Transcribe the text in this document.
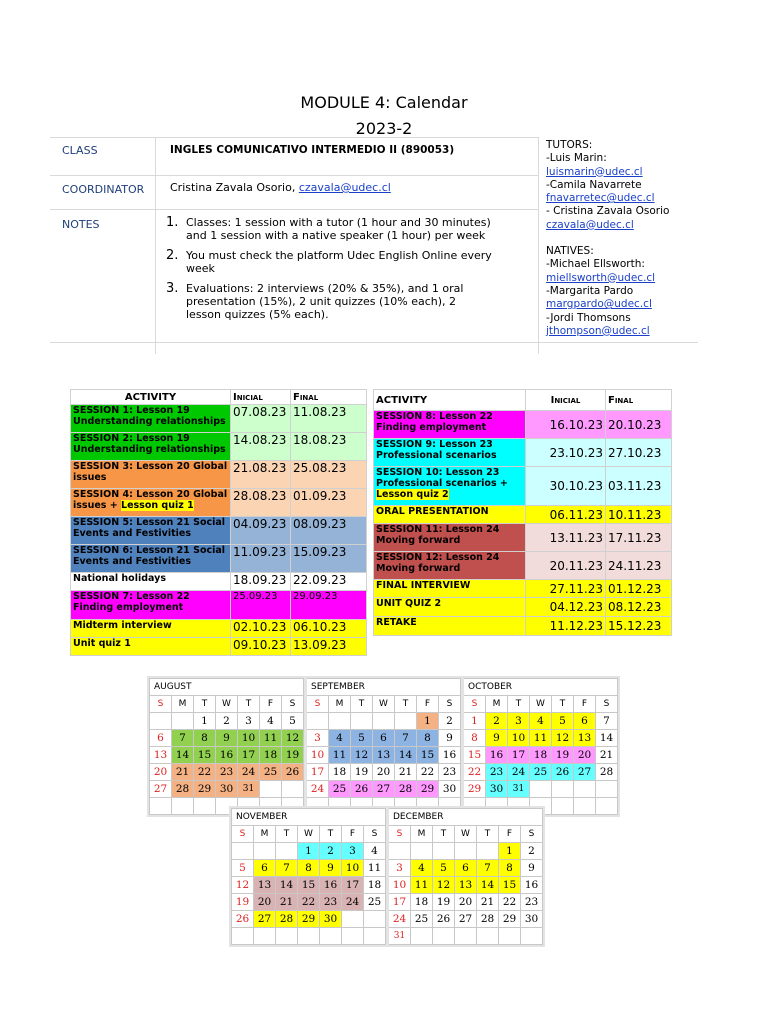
MODULE 4: Calendar
2023-2
CLASS	INGLES COMUNICATIVO INTERMEDIO II (890053)
COORDINATOR Cristina Zavala Osorio, czavala@udec.cl
NOTES	1. Classes: 1 session with a tutor (1 hour and 30 minutes) and 1 session with a native speaker (1 hour) per week
2. You must check the platform Udec English Online every week
3. Evaluations: 2 interviews (20% & 35%), and 1 oral presentation (15%), 2 unit quizzes (10% each), 2 lesson quizzes (5% each).
TUTORS:
-Luis Marin:
luismarin@udec.cl
-Camila Navarrete
fnavarretec@udec.cl
- Cristina Zavala Osorio
czavala@udec.cl
NATIVES:
-Michael Ellsworth:
miellsworth@udec.cl
-Margarita Pardo
margpardo@udec.cl
-Jordi Thomsons
jthompson@udec.cl
ACTIVITY	Inicial	Final
SESSION 1: Lesson 19 Understanding relationships	07.08.23	11.08.23
SESSION 2: Lesson 19 Understanding relationships	14.08.23	18.08.23
SESSION 3: Lesson 20 Global issues	21.08.23	25.08.23
SESSION 4: Lesson 20 Global issues + Lesson quiz 1	28.08.23	01.09.23
SESSION 5: Lesson 21 Social Events and Festivities	04.09.23	08.09.23
SESSION 6: Lesson 21 Social Events and Festivities	11.09.23	15.09.23
National holidays	18.09.23	22.09.23
SESSION 7: Lesson 22 Finding employment	25.09.23	29.09.23
Midterm interview	02.10.23	06.10.23
Unit quiz 1	09.10.23	13.09.23
ACTIVITY	Inicial	Final
SESSION 8: Lesson 22 Finding employment	16.10.23	20.10.23
SESSION 9: Lesson 23 Professional scenarios	23.10.23	27.10.23
SESSION 10: Lesson 23 Professional scenarios + Lesson quiz 2	30.10.23	03.11.23
ORAL PRESENTATION	06.11.23	10.11.23
SESSION 11: Lesson 24 Moving forward	13.11.23	17.11.23
SESSION 12: Lesson 24 Moving forward	20.11.23	24.11.23
FINAL INTERVIEW	27.11.23	01.12.23
UNIT QUIZ 2	04.12.23	08.12.23
RETAKE	11.12.23	15.12.23
AUGUST								SEPTEMBER								OCTOBER						
S	M	T	W	T	F	S		S	M	T	W	T	F	S		S	M	T	W	T	F	S
		1	2	3	4	5							1	2		1	2	3	4	5	6	7
6	7	8	9	10	11	12		3	4	5	6	7	8	9		8	9	10	11	12	13	14
13	14	15	16	17	18	19		10	11	12	13	14	15	16		15	16	17	18	19	20	21
20	21	22	23	24	25	26		17	18	19	20	21	22	23		22	23	24	25	26	27	28
27	28	29	30	31				24	25	26	27	28	29	30		29	30	31				

NOVEMBER								DECEMBER						
S	M	T	W	T	F	S		S	M	T	W	T	F	S
			1	2	3	4							1	2
5	6	7	8	9	10	11		3	4	5	6	7	8	9
12	13	14	15	16	17	18		10	11	12	13	14	15	16
19	20	21	22	23	24	25		17	18	19	20	21	22	23
26	27	28	29	30				24	25	26	27	28	29	30
								31						
